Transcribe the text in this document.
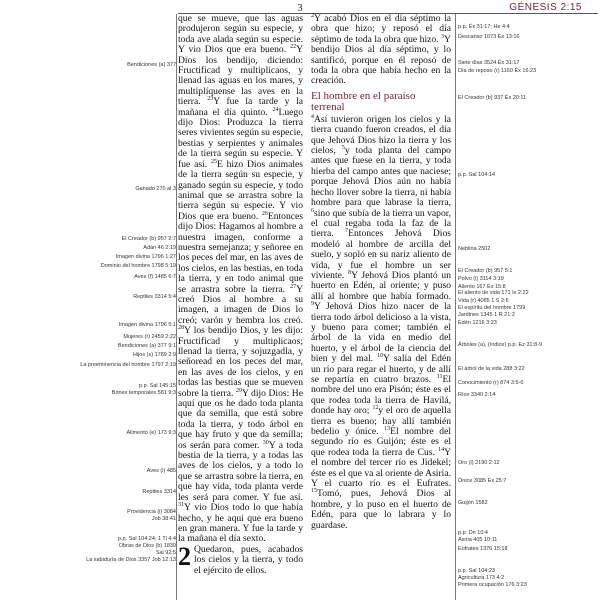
3	GÉNESIS 2:15
que se mueve, que las aguas produjeron según su especie, y toda ave alada según su especie. Y vio Dios que era bueno. $^{22}$Y Dios los bendijo, diciendo: Fructificad y multiplicaos, y llenad las aguas en los mares, y multiplíquense las aves en la tierra. $^{23}$Y fue la tarde y la mañana el día quinto. $^{24}$Luego dijo Dios: Produzca la tierra seres vivientes según su especie, bestias y serpientes y animales de la tierra según su especie. Y fue así. $^{25}$E hizo Dios animales de la tierra según su especie, y ganado según su especie, y todo animal que se arrastra sobre la tierra según su especie. Y vio Dios que era bueno. $^{26}$Entonces dijo Dios: Hagamos al hombre a nuestra imagen, conforme a nuestra semejanza; y señoree en los peces del mar, en las aves de los cielos, en las bestias, en toda la tierra, y en todo animal que se arrastra sobre la tierra. $^{27}$Y creó Dios al hombre a su imagen, a imagen de Dios lo creó; varón y hembra los creó. $^{28}$Y los bendijo Dios, y les dijo: Fructificad y multiplicaos; llenad la tierra, y sojuzgadla, y señoread en los peces del mar, en las aves de los cielos, y en todas las bestias que se mueven sobre la tierra. $^{29}$Y dijo Dios: He aquí que os he dado toda planta que da semilla, que está sobre toda la tierra, y todo árbol en que hay fruto y que da semilla; os serán para comer. $^{30}$Y a toda bestia de la tierra, y a todas las aves de los cielos, y a todo lo que se arrastra sobre la tierra, en que hay vida, toda planta verde les será para comer. Y fue así. $^{31}$Y vio Dios todo lo que había hecho, y he aquí que era bueno en gran manera. Y fue la tarde y la mañana el día sexto.
2 Quedaron, pues, acabados los cielos y la tierra, y todo el ejército de ellos.
$^2$Y acabó Dios en el día séptimo la obra que hizo; y reposó el día séptimo de toda la obra que hizo. $^3$Y bendijo Dios al día séptimo, y lo santificó, porque en él reposó de toda la obra que había hecho en la creación.
El hombre en el paraíso terrenal
$^4$Así tuvieron origen los cielos y la tierra cuando fueron creados, el día que Jehová Dios hizo la tierra y los cielos, $^5$y toda planta del campo antes que fuese en la tierra, y toda hierba del campo antes que naciese; porque Jehová Dios aún no había hecho llover sobre la tierra, ni había hombre para que labrase la tierra, $^6$sino que subía de la tierra un vapor, el cual regaba toda la faz de la tierra. $^7$Entonces Jehová Dios modeló al hombre de arcilla del suelo, y sopló en su nariz aliento de vida, y fue el hombre un ser viviente. $^8$Y Jehová Dios plantó un huerto en Edén, al oriente; y puso allí al hombre que había formado. $^9$Y Jehová Dios hizo nacer de la tierra todo árbol delicioso a la vista, y bueno para comer; también el árbol de la vida en medio del huerto, y el árbol de la ciencia del bien y del mal. $^{10}$Y salía del Edén un río para regar el huerto, y de allí se repartía en cuatro brazos. $^{11}$El nombre del uno era Pisón; éste es el que rodea toda la tierra de Havilá, donde hay oro; $^{12}$y el oro de aquella tierra es bueno; hay allí también bedelio y ónice. $^{13}$El nombre del segundo río es Guijón; éste es el que rodea toda la tierra de Cus. $^{14}$Y el nombre del tercer río es Jidekel; éste es el que va al oriente de Asiria. Y el cuarto río es el Eufrates. $^{15}$Tomó, pues, Jehová Dios al hombre, y lo puso en el huerto de Edén, para que lo labrara y lo guardase.
Bendiciones (a) 377
Ganado 270 al 3
El Creador (b) 957 2:7
Adán 46 2:19
Imagen divina 1796 1:27
Dominio del hombre 1798 5:19
Aves (f) 1485 6:7
Reptiles 3314 5:4
Imagen divina 1796 5:1
Mujeres (r) 2459 2:22
Bendiciones (a) 377 9:1
Hijos (s) 1789 2:9
La preeminencia del hombre 1797 2:19
p.p. Sal 145:15
Bones temporales 581 9:3
Alimento (e) 173 9:3
Aves (i) 485
Reptiles 3314
Providencia (i) 3084
Job 38:41
p.p. Sal 104:24; 1 Ti 4:4
Obras de Dios (b) 1839
Sal 92:5
La sabiduría de Dios 3357 Job 12:13
p.p. Éx 31:17; He 4:4
Descanso 1073 Éx 13:16
Siete días 3524 Éx 31:17
Día de reposo (r) 1160 Éx 16:23
El Creador (b) 937 Éx 20:11
p.p. Sal 104:14
Neblina 2502
El Creador (b) 957 5:1
Polvo (i) 3114 3:19
Aliento 167 Éx 15:8
El aliento de vida 171 Is 2:22
Vida (r) 4085 1 S 2:6
El espíritu del hombre 1799
Jardines 1345 1 R 21:2
Edén 1216 3:23
Árboles (a), (índice) p.p. Ez 31:8-9
El árbol de la vida 288 3:22
Conocimiento (r) 874 3:5-6
Ríos 3340 2:14
Oro (i) 2190 2:12
Ónice 3085 Éx 25:7
Guijón 1582
p.p. Dn 10:4
Asiria 405 10:11
Eufrates 1376 15:18
p.p. Sal 104:23
Agricultura 173 4:2
Primera ocupación 176 3:23
